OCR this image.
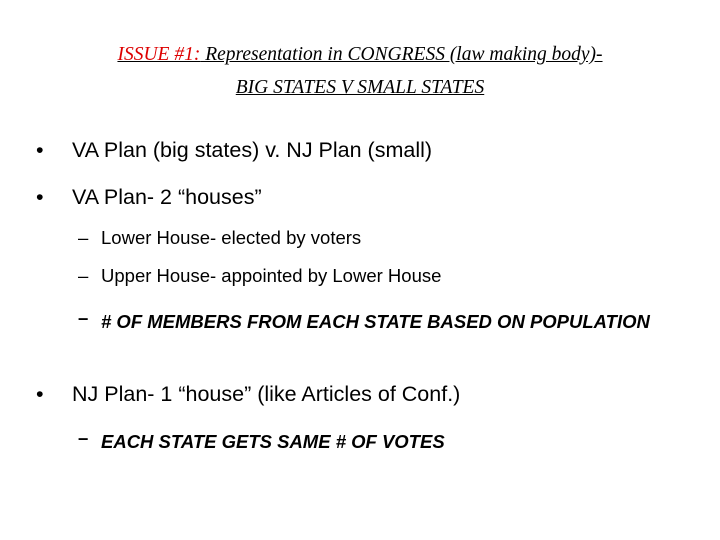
ISSUE #1: Representation in CONGRESS (law making body)-
BIG STATES V SMALL STATES
• VA Plan (big states) v. NJ Plan (small)
• VA Plan- 2 “houses”
– Lower House- elected by voters
– Upper House- appointed by Lower House
– # OF MEMBERS FROM EACH STATE BASED ON POPULATION
• NJ Plan- 1 “house” (like Articles of Conf.)
– EACH STATE GETS SAME # OF VOTES
